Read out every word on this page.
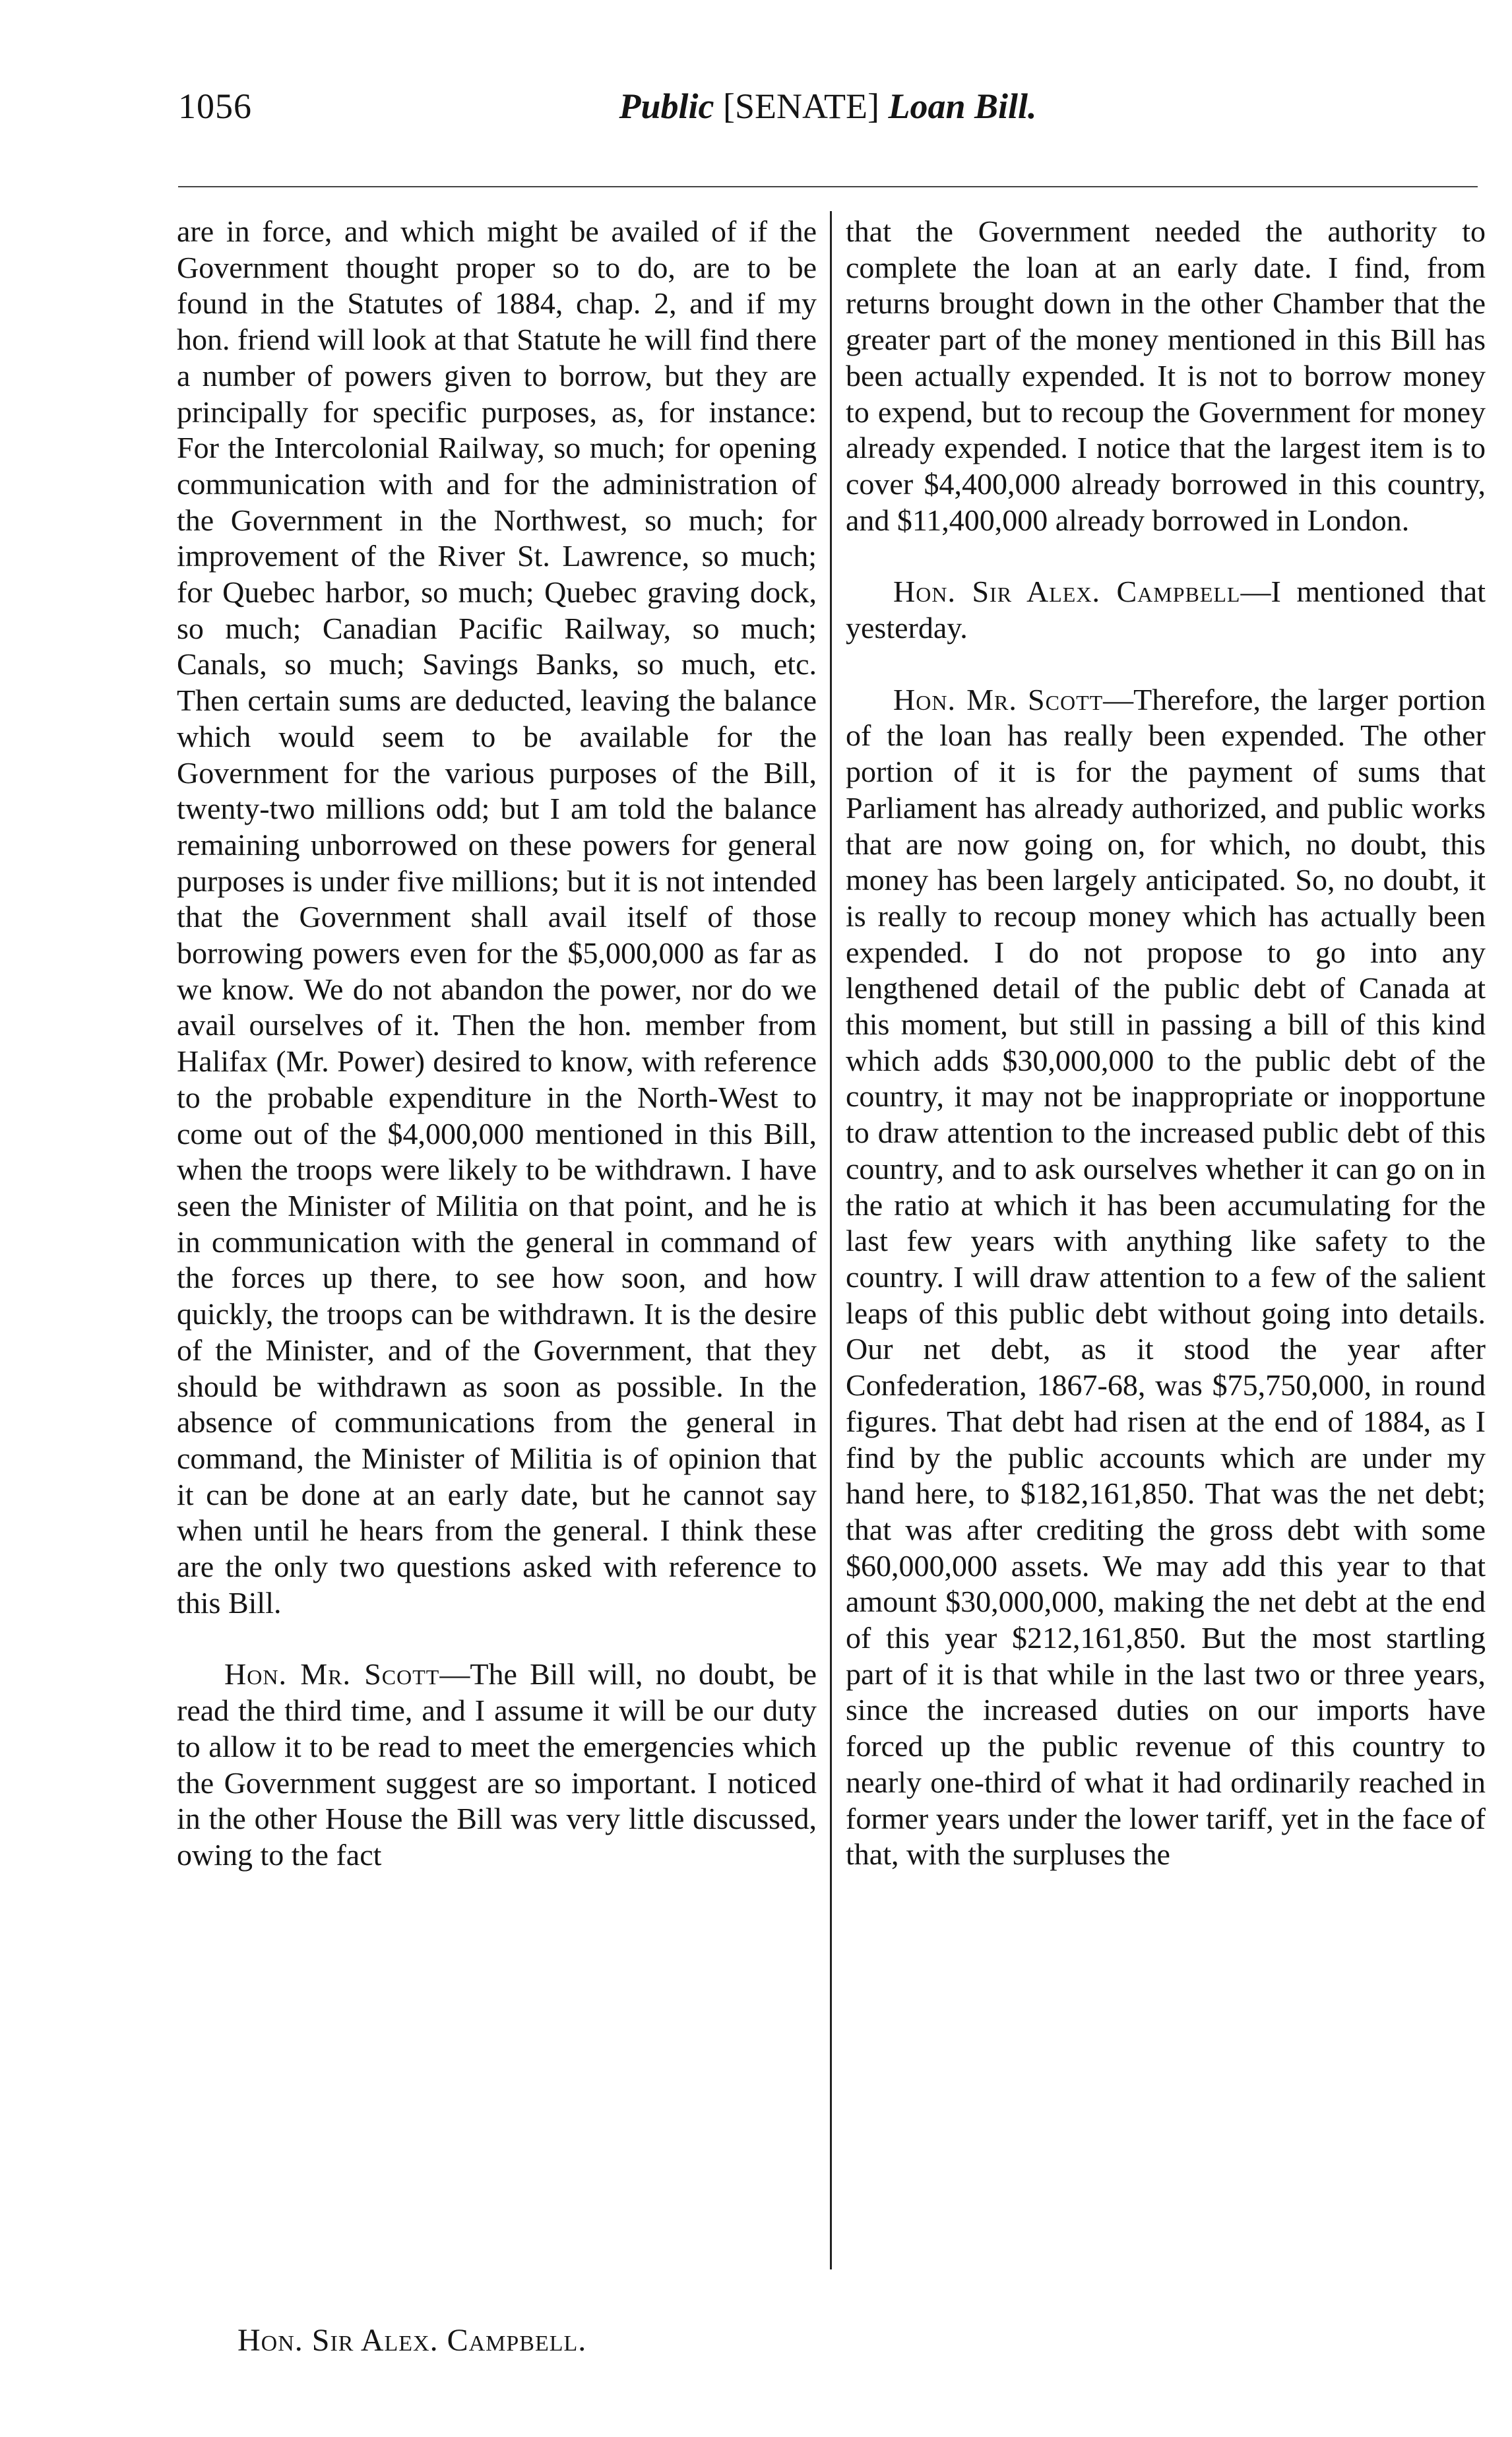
1056	Public [SENATE] Loan Bill.

are in force, and which might be availed of if the Government thought proper so to do, are to be found in the Statutes of 1884, chap. 2, and if my hon. friend will look at that Statute he will find there a number of powers given to borrow, but they are principally for specific purposes, as, for instance: For the Intercolonial Railway, so much; for opening communication with and for the administration of the Government in the Northwest, so much; for improvement of the River St. Lawrence, so much; for Quebec harbor, so much; Quebec graving dock, so much; Canadian Pacific Railway, so much; Canals, so much; Savings Banks, so much, etc. Then certain sums are deducted, leaving the balance which would seem to be available for the Government for the various purposes of the Bill, twenty-two millions odd; but I am told the balance remaining unborrowed on these powers for general purposes is under five millions; but it is not intended that the Government shall avail itself of those borrowing powers even for the $5,000,000 as far as we know. We do not abandon the power, nor do we avail ourselves of it. Then the hon. member from Halifax (Mr. Power) desired to know, with reference to the probable expenditure in the North-West to come out of the $4,000,000 mentioned in this Bill, when the troops were likely to be withdrawn. I have seen the Minister of Militia on that point, and he is in communication with the general in command of the forces up there, to see how soon, and how quickly, the troops can be withdrawn. It is the desire of the Minister, and of the Government, that they should be withdrawn as soon as possible. In the absence of communications from the general in command, the Minister of Militia is of opinion that it can be done at an early date, but he cannot say when until he hears from the general. I think these are the only two questions asked with reference to this Bill.

Hon. Mr. Scott—The Bill will, no doubt, be read the third time, and I assume it will be our duty to allow it to be read to meet the emergencies which the Government suggest are so important. I noticed in the other House the Bill was very little discussed, owing to the fact

that the Government needed the authority to complete the loan at an early date. I find, from returns brought down in the other Chamber that the greater part of the money mentioned in this Bill has been actually expended. It is not to borrow money to expend, but to recoup the Government for money already expended. I notice that the largest item is to cover $4,400,000 already borrowed in this country, and $11,400,000 already borrowed in London.

Hon. Sir Alex. Campbell—I mentioned that yesterday.

Hon. Mr. Scott—Therefore, the larger portion of the loan has really been expended. The other portion of it is for the payment of sums that Parliament has already authorized, and public works that are now going on, for which, no doubt, this money has been largely anticipated. So, no doubt, it is really to recoup money which has actually been expended. I do not propose to go into any lengthened detail of the public debt of Canada at this moment, but still in passing a bill of this kind which adds $30,000,000 to the public debt of the country, it may not be inappropriate or inopportune to draw attention to the increased public debt of this country, and to ask ourselves whether it can go on in the ratio at which it has been accumulating for the last few years with anything like safety to the country. I will draw attention to a few of the salient leaps of this public debt without going into details. Our net debt, as it stood the year after Confederation, 1867-68, was $75,750,000, in round figures. That debt had risen at the end of 1884, as I find by the public accounts which are under my hand here, to $182,161,850. That was the net debt; that was after crediting the gross debt with some $60,000,000 assets. We may add this year to that amount $30,000,000, making the net debt at the end of this year $212,161,850. But the most startling part of it is that while in the last two or three years, since the increased duties on our imports have forced up the public revenue of this country to nearly one-third of what it had ordinarily reached in former years under the lower tariff, yet in the face of that, with the surpluses the

Hon. Sir Alex. Campbell.
